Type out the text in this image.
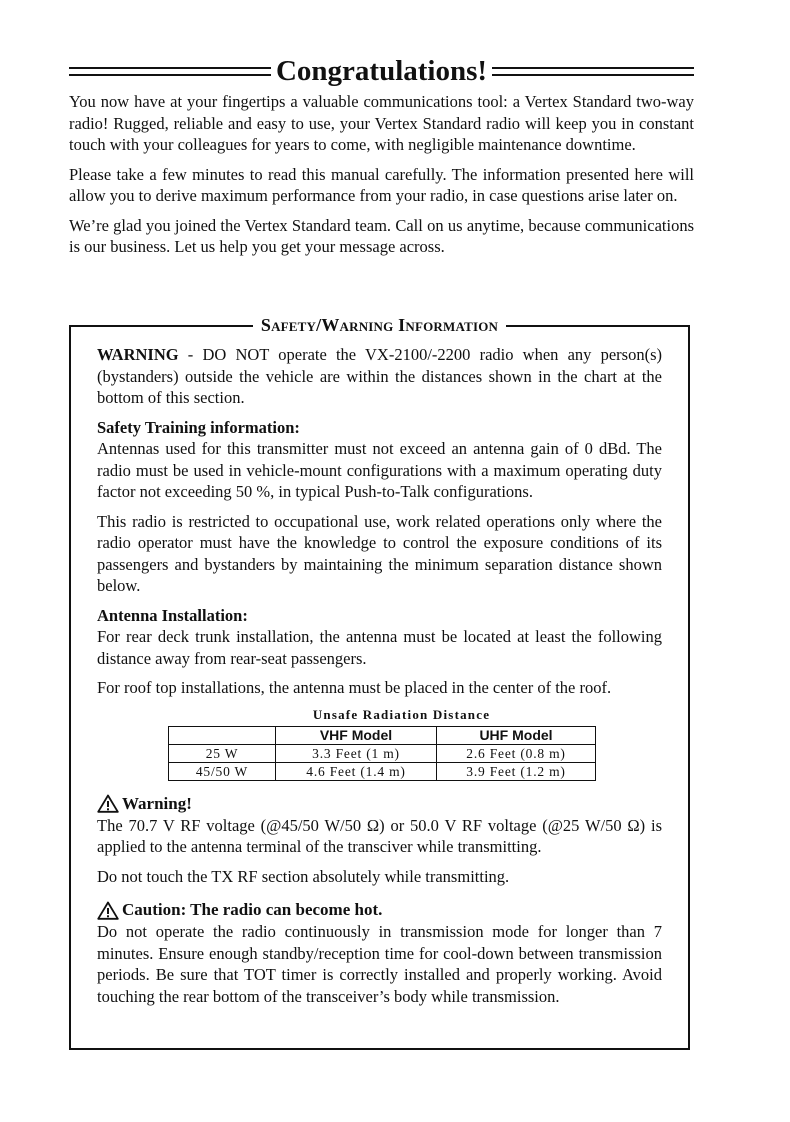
Congratulations!

You now have at your fingertips a valuable communications tool: a Vertex Standard two-way radio! Rugged, reliable and easy to use, your Vertex Standard radio will keep you in constant touch with your colleagues for years to come, with negligible maintenance downtime.

Please take a few minutes to read this manual carefully. The information presented here will allow you to derive maximum performance from your radio, in case questions arise later on.

We’re glad you joined the Vertex Standard team. Call on us anytime, because communications is our business. Let us help you get your message across.

Safety/Warning Information

WARNING - DO NOT operate the VX-2100/-2200 radio when any person(s) (bystanders) outside the vehicle are within the distances shown in the chart at the bottom of this section.

Safety Training information:

Antennas used for this transmitter must not exceed an antenna gain of 0 dBd. The radio must be used in vehicle-mount configurations with a maximum operating duty factor not exceeding 50 %, in typical Push-to-Talk configurations.

This radio is restricted to occupational use, work related operations only where the radio operator must have the knowledge to control the exposure conditions of its passengers and bystanders by maintaining the minimum separation distance shown below.

Antenna Installation:

For rear deck trunk installation, the antenna must be located at least the following distance away from rear-seat passengers.

For roof top installations, the antenna must be placed in the center of the roof.

Unsafe Radiation Distance
	VHF Model	UHF Model
25 W	3.3 Feet (1 m)	2.6 Feet (0.8 m)
45/50 W	4.6 Feet (1.4 m)	3.9 Feet (1.2 m)
Warning!

The 70.7 V RF voltage (@45/50 W/50 Ω) or 50.0 V RF voltage (@25 W/50 Ω) is applied to the antenna terminal of the transciver while transmitting.

Do not touch the TX RF section absolutely while transmitting.

Caution: The radio can become hot.

Do not operate the radio continuously in transmission mode for longer than 7 minutes. Ensure enough standby/reception time for cool-down between transmission periods. Be sure that TOT timer is correctly installed and properly working. Avoid touching the rear bottom of the transceiver’s body while transmission.
